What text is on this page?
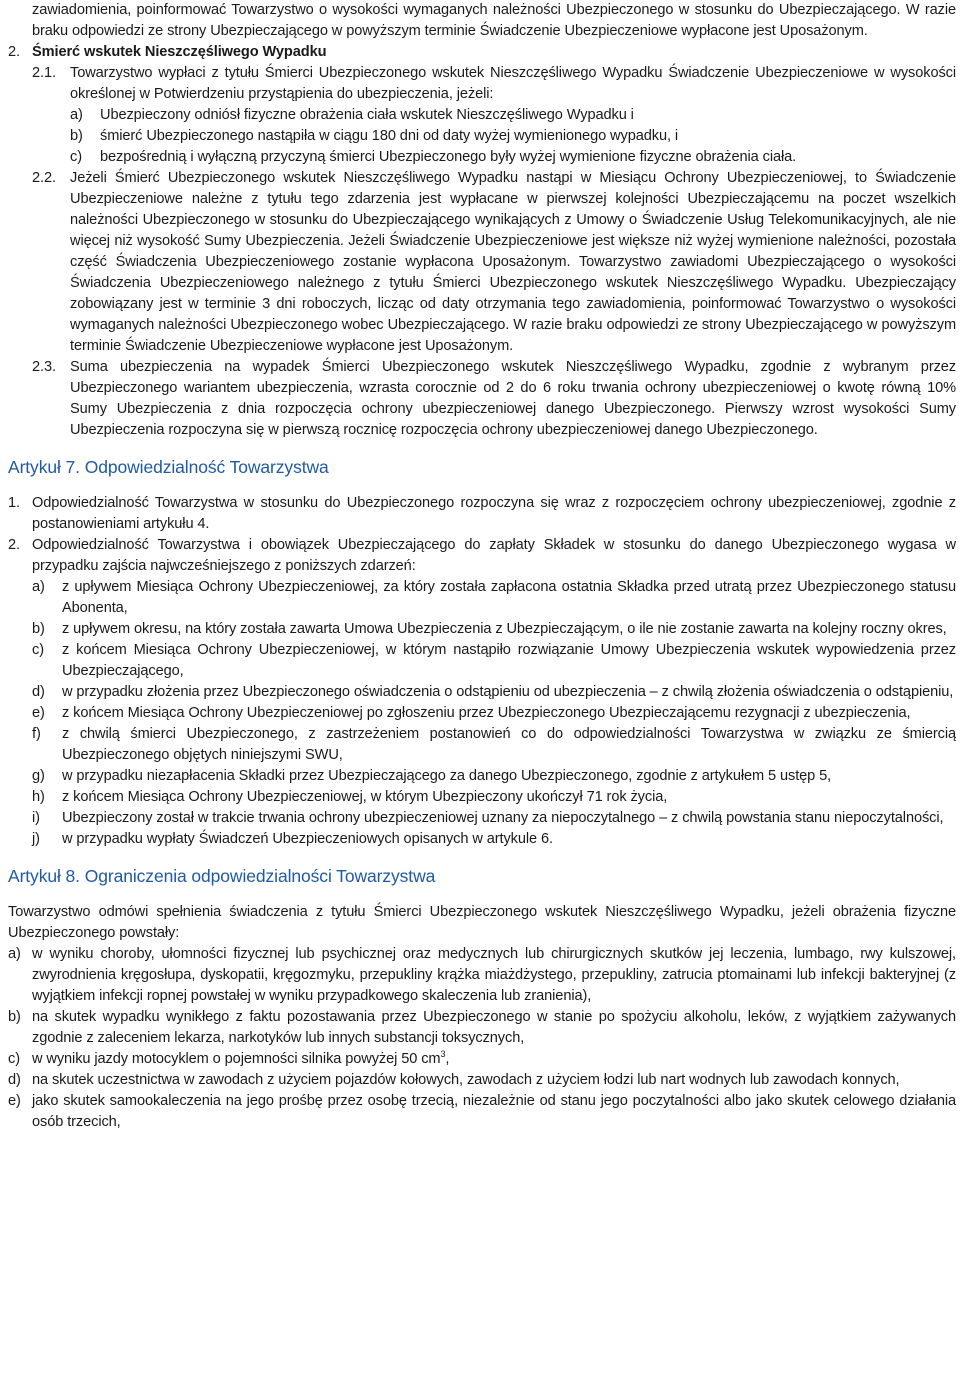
zawiadomienia, poinformować Towarzystwo o wysokości wymaganych należności Ubezpieczonego w stosunku do Ubezpieczającego. W razie braku odpowiedzi ze strony Ubezpieczającego w powyższym terminie Świadczenie Ubezpieczeniowe wypłacone jest Uposażonym.

2. Śmierć wskutek Nieszczęśliwego Wypadku
2.1. Towarzystwo wypłaci z tytułu Śmierci Ubezpieczonego wskutek Nieszczęśliwego Wypadku Świadczenie Ubezpieczeniowe w wysokości określonej w Potwierdzeniu przystąpienia do ubezpieczenia, jeżeli:
a)	Ubezpieczony odniósł fizyczne obrażenia ciała wskutek Nieszczęśliwego Wypadku i
b)	śmierć Ubezpieczonego nastąpiła w ciągu 180 dni od daty wyżej wymienionego wypadku, i
c)	bezpośrednią i wyłączną przyczyną śmierci Ubezpieczonego były wyżej wymienione fizyczne obrażenia ciała.
2.2. Jeżeli Śmierć Ubezpieczonego wskutek Nieszczęśliwego Wypadku nastąpi w Miesiącu Ochrony Ubezpieczeniowej, to Świadczenie Ubezpieczeniowe należne z tytułu tego zdarzenia jest wypłacane w pierwszej kolejności Ubezpieczającemu na poczet wszelkich należności Ubezpieczonego w stosunku do Ubezpieczającego wynikających z Umowy o Świadczenie Usług Telekomunikacyjnych, ale nie więcej niż wysokość Sumy Ubezpieczenia. Jeżeli Świadczenie Ubezpieczeniowe jest większe niż wyżej wymienione należności, pozostała część Świadczenia Ubezpieczeniowego zostanie wypłacona Uposażonym. Towarzystwo zawiadomi Ubezpieczającego o wysokości Świadczenia Ubezpieczeniowego należnego z tytułu Śmierci Ubezpieczonego wskutek Nieszczęśliwego Wypadku. Ubezpieczający zobowiązany jest w terminie 3 dni roboczych, licząc od daty otrzymania tego zawiadomienia, poinformować Towarzystwo o wysokości wymaganych należności Ubezpieczonego wobec Ubezpieczającego. W razie braku odpowiedzi ze strony Ubezpieczającego w powyższym terminie Świadczenie Ubezpieczeniowe wypłacone jest Uposażonym.
2.3. Suma ubezpieczenia na wypadek Śmierci Ubezpieczonego wskutek Nieszczęśliwego Wypadku, zgodnie z wybranym przez Ubezpieczonego wariantem ubezpieczenia, wzrasta corocznie od 2 do 6 roku trwania ochrony ubezpieczeniowej o kwotę równą 10% Sumy Ubezpieczenia z dnia rozpoczęcia ochrony ubezpieczeniowej danego Ubezpieczonego. Pierwszy wzrost wysokości Sumy Ubezpieczenia rozpoczyna się w pierwszą rocznicę rozpoczęcia ochrony ubezpieczeniowej danego Ubezpieczonego.
Artykuł 7. Odpowiedzialność Towarzystwa
1. Odpowiedzialność Towarzystwa w stosunku do Ubezpieczonego rozpoczyna się wraz z rozpoczęciem ochrony ubezpieczeniowej, zgodnie z postanowieniami artykułu 4.
2. Odpowiedzialność Towarzystwa i obowiązek Ubezpieczającego do zapłaty Składek w stosunku do danego Ubezpieczonego wygasa w przypadku zajścia najwcześniejszego z poniższych zdarzeń:
a)	z upływem Miesiąca Ochrony Ubezpieczeniowej, za który została zapłacona ostatnia Składka przed utratą przez Ubezpieczonego statusu Abonenta,
b)	z upływem okresu, na który została zawarta Umowa Ubezpieczenia z Ubezpieczającym, o ile nie zostanie zawarta na kolejny roczny okres,
c)	z końcem Miesiąca Ochrony Ubezpieczeniowej, w którym nastąpiło rozwiązanie Umowy Ubezpieczenia wskutek wypowiedzenia przez Ubezpieczającego,
d)	w przypadku złożenia przez Ubezpieczonego oświadczenia o odstąpieniu od ubezpieczenia – z chwilą złożenia oświadczenia o odstąpieniu,
e)	z końcem Miesiąca Ochrony Ubezpieczeniowej po zgłoszeniu przez Ubezpieczonego Ubezpieczającemu rezygnacji z ubezpieczenia,
f)	z chwilą śmierci Ubezpieczonego, z zastrzeżeniem postanowień co do odpowiedzialności Towarzystwa w związku ze śmiercią Ubezpieczonego objętych niniejszymi SWU,
g)	w przypadku niezapłacenia Składki przez Ubezpieczającego za danego Ubezpieczonego, zgodnie z artykułem 5 ustęp 5,
h)	z końcem Miesiąca Ochrony Ubezpieczeniowej, w którym Ubezpieczony ukończył 71 rok życia,
i)	Ubezpieczony został w trakcie trwania ochrony ubezpieczeniowej uznany za niepoczytalnego – z chwilą powstania stanu niepoczytalności,
j)	w przypadku wypłaty Świadczeń Ubezpieczeniowych opisanych w artykule 6.
Artykuł 8. Ograniczenia odpowiedzialności Towarzystwa

Towarzystwo odmówi spełnienia świadczenia z tytułu Śmierci Ubezpieczonego wskutek Nieszczęśliwego Wypadku, jeżeli obrażenia fizyczne Ubezpieczonego powstały:

a) w wyniku choroby, ułomności fizycznej lub psychicznej oraz medycznych lub chirurgicznych skutków jej leczenia, lumbago, rwy kulszowej, zwyrodnienia kręgosłupa, dyskopatii, kręgozmyku, przepukliny krążka miażdżystego, przepukliny, zatrucia ptomainami lub infekcji bakteryjnej (z wyjątkiem infekcji ropnej powstałej w wyniku przypadkowego skaleczenia lub zranienia),
b) na skutek wypadku wynikłego z faktu pozostawania przez Ubezpieczonego w stanie po spożyciu alkoholu, leków, z wyjątkiem zażywanych zgodnie z zaleceniem lekarza, narkotyków lub innych substancji toksycznych,
c) w wyniku jazdy motocyklem o pojemności silnika powyżej 50 $cm^3$,
d) na skutek uczestnictwa w zawodach z użyciem pojazdów kołowych, zawodach z użyciem łodzi lub nart wodnych lub zawodach konnych,
e) jako skutek samookaleczenia na jego prośbę przez osobę trzecią, niezależnie od stanu jego poczytalności albo jako skutek celowego działania osób trzecich,
